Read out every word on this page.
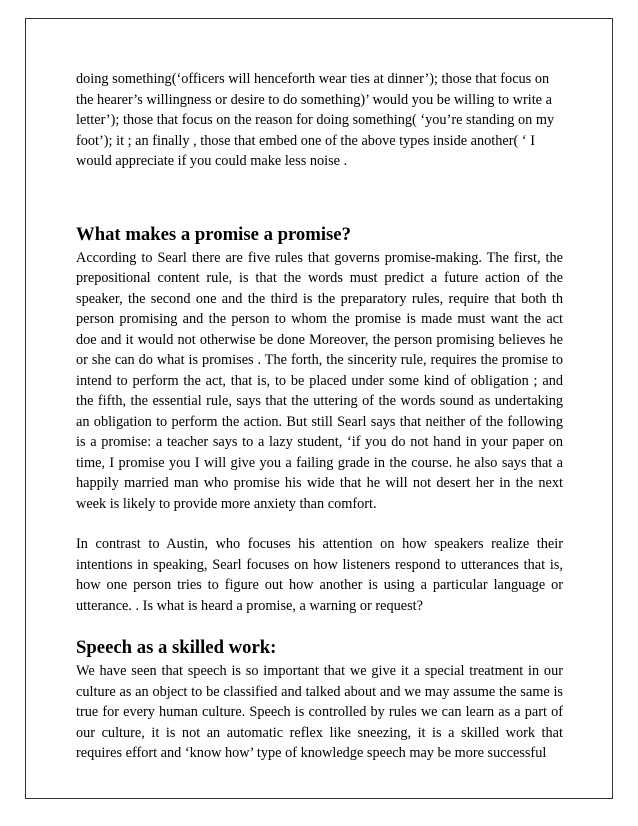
doing something(‘officers will henceforth wear ties at dinner’); those that focus on the hearer’s willingness or desire to do something)’ would you be willing to write a letter’); those that focus on the reason for doing something( ‘you’re standing on my foot’); it ; an finally , those that embed one of the above types inside another( ‘ I would appreciate if you could make less noise .

What makes a promise a promise?

According to Searl there are five rules that governs promise-making. The first, the prepositional content rule, is that the words must predict a future action of the speaker, the second one and the third is the preparatory rules, require that both th person promising and the person to whom the promise is made must want the act doe and it would not otherwise be done Moreover, the person promising believes he or she can do what is promises . The forth, the sincerity rule, requires the promise to intend to perform the act, that is, to be placed under some kind of obligation ; and the fifth, the essential rule, says that the uttering of the words sound as undertaking an obligation to perform the action. But still Searl says that neither of the following is a promise: a teacher says to a lazy student, ‘if you do not hand in your paper on time, I promise you I will give you a failing grade in the course. he also says that a happily married man who promise his wide that he will not desert her in the next week is likely to provide more anxiety than comfort.

In contrast to Austin, who focuses his attention on how speakers realize their intentions in speaking, Searl focuses on how listeners respond to utterances that is, how one person tries to figure out how another is using a particular language or utterance. . Is what is heard a promise, a warning or request?

Speech as a skilled work:

We have seen that speech is so important that we give it a special treatment in our culture as an object to be classified and talked about and we may assume the same is true for every human culture. Speech is controlled by rules we can learn as a part of our culture, it is not an automatic reflex like sneezing, it is a skilled work that requires effort and ‘know how’ type of knowledge speech may be more successful
